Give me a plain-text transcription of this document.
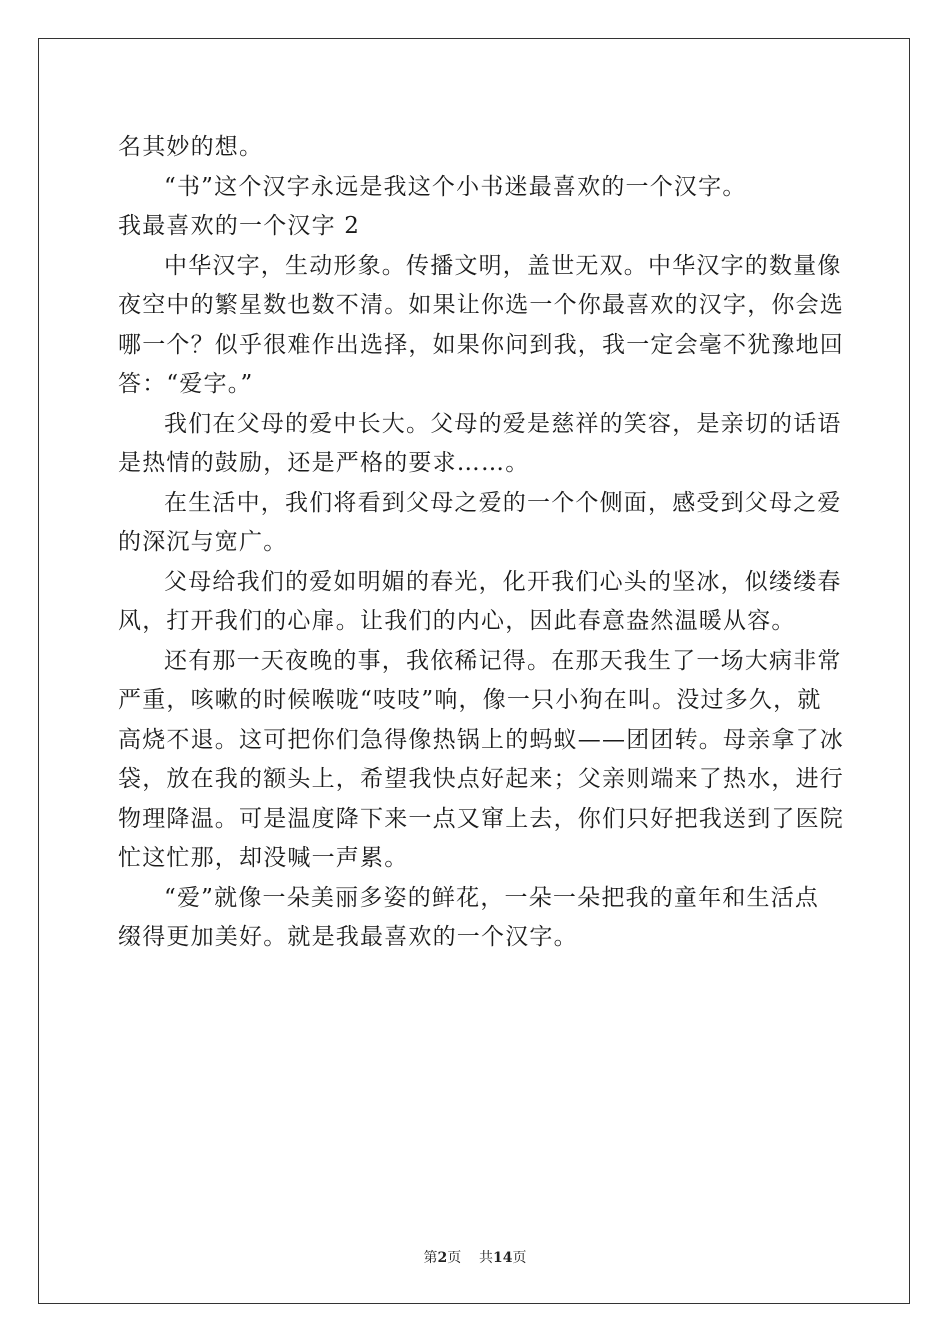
名其妙的想。
“书”这个汉字永远是我这个小书迷最喜欢的一个汉字。
我最喜欢的一个汉字 2
中华汉字，生动形象。传播文明，盖世无双。中华汉字的数量像
夜空中的繁星数也数不清。如果让你选一个你最喜欢的汉字，你会选
哪一个？似乎很难作出选择，如果你问到我，我一定会毫不犹豫地回
答：“爱字。”
我们在父母的爱中长大。父母的爱是慈祥的笑容，是亲切的话语
是热情的鼓励，还是严格的要求……。
在生活中，我们将看到父母之爱的一个个侧面，感受到父母之爱
的深沉与宽广。
父母给我们的爱如明媚的春光，化开我们心头的坚冰，似缕缕春
风，打开我们的心扉。让我们的内心，因此春意盎然温暖从容。
还有那一天夜晚的事，我依稀记得。在那天我生了一场大病非常
严重，咳嗽的时候喉咙“吱吱”响，像一只小狗在叫。没过多久，就
高烧不退。这可把你们急得像热锅上的蚂蚁——团团转。母亲拿了冰
袋，放在我的额头上，希望我快点好起来；父亲则端来了热水，进行
物理降温。可是温度降下来一点又窜上去，你们只好把我送到了医院
忙这忙那，却没喊一声累。
“爱”就像一朵美丽多姿的鲜花，一朵一朵把我的童年和生活点
缀得更加美好。就是我最喜欢的一个汉字。
第2页 共14页
